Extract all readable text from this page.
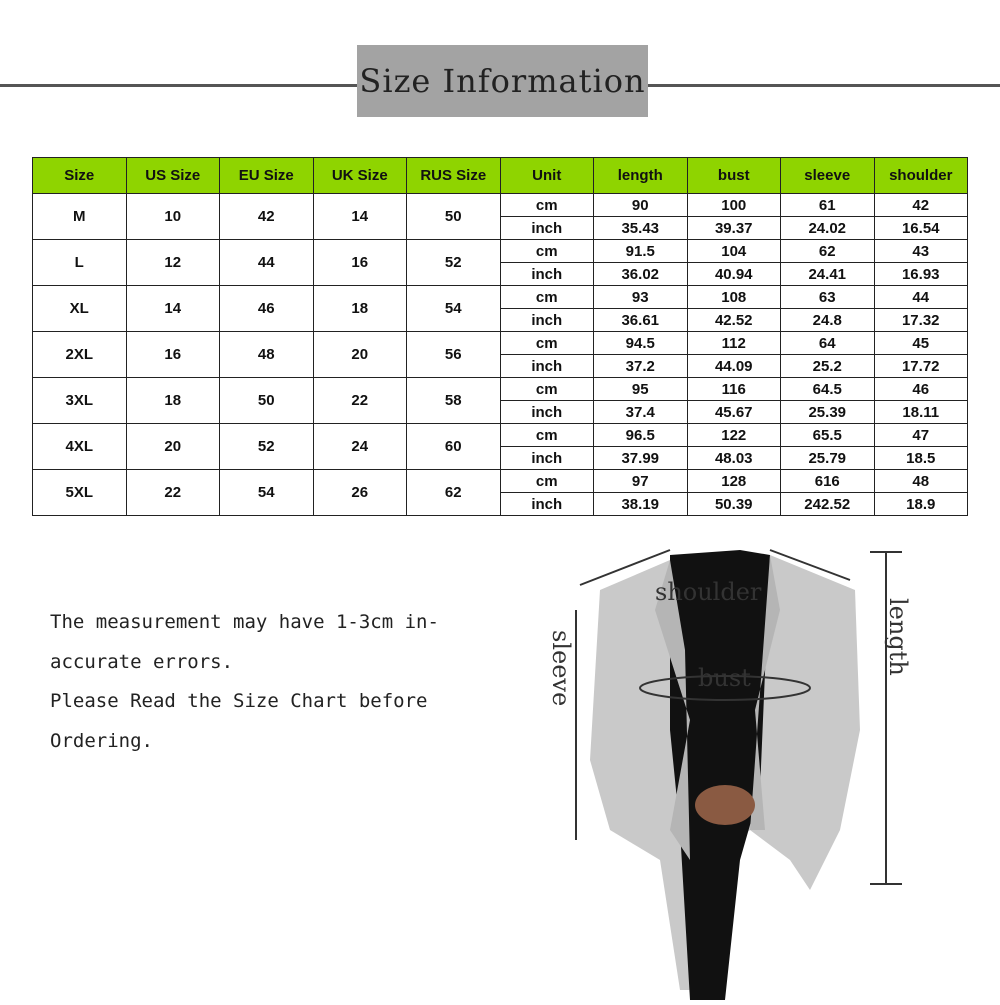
Size Information
Size	US Size	EU Size	UK Size	RUS Size	Unit	length	bust	sleeve	shoulder
M	10	42	14	50	cm	90	100	61	42
					inch	35.43	39.37	24.02	16.54
L	12	44	16	52	cm	91.5	104	62	43
					inch	36.02	40.94	24.41	16.93
XL	14	46	18	54	cm	93	108	63	44
					inch	36.61	42.52	24.8	17.32
2XL	16	48	20	56	cm	94.5	112	64	45
					inch	37.2	44.09	25.2	17.72
3XL	18	50	22	58	cm	95	116	64.5	46
					inch	37.4	45.67	25.39	18.11
4XL	20	52	24	60	cm	96.5	122	65.5	47
					inch	37.99	48.03	25.79	18.5
5XL	22	54	26	62	cm	97	128	616	48
					inch	38.19	50.39	242.52	18.9
The measurement may have 1-3cm in-
accurate errors.
Please Read the Size Chart before
Ordering.
shoulder
bust
sleeve	length
